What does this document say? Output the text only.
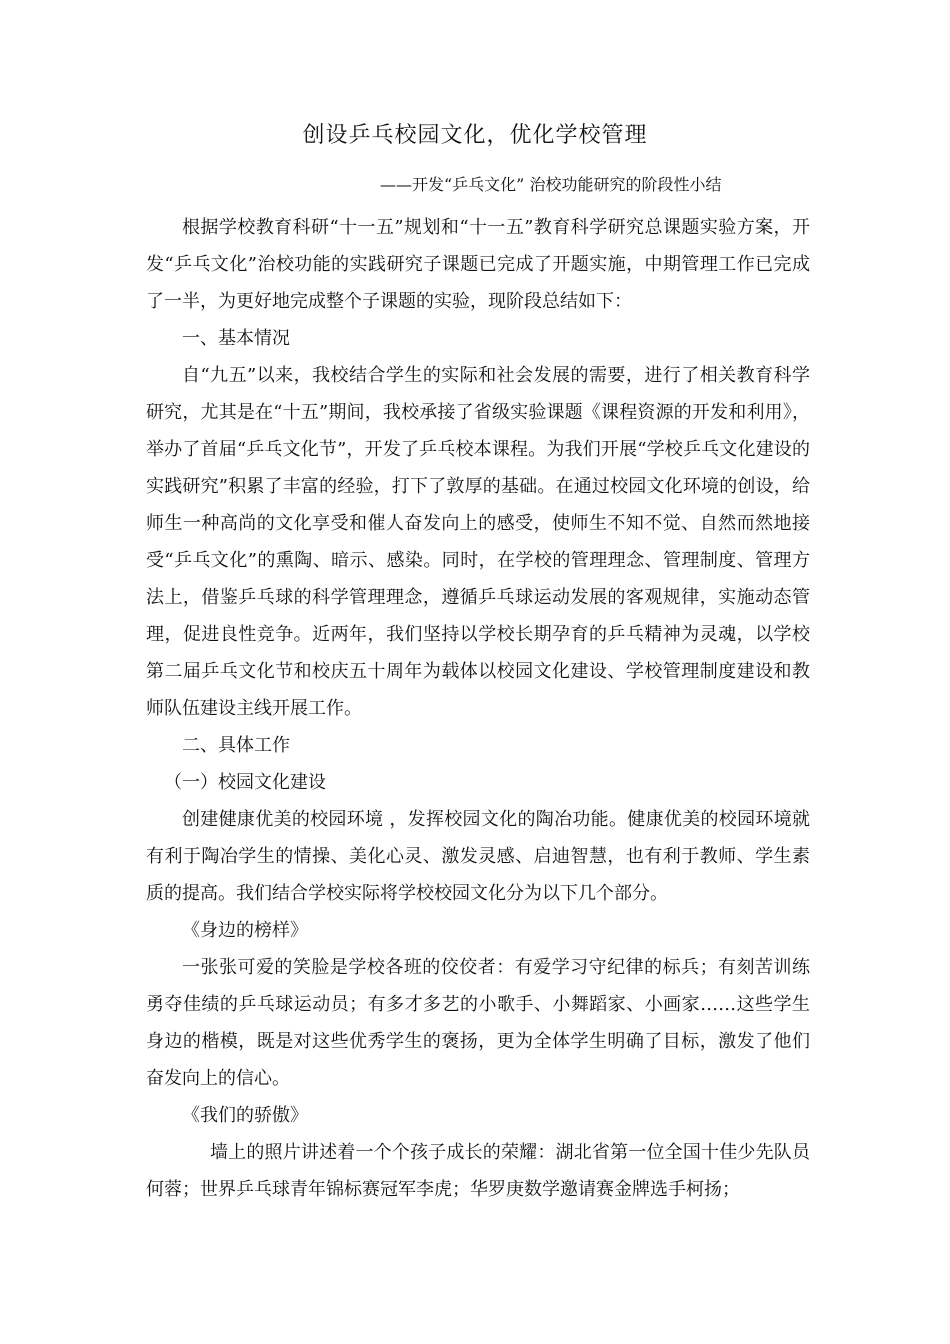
创设乒乓校园文化，优化学校管理
——开发“乒乓文化” 治校功能研究的阶段性小结

根据学校教育科研“十一五”规划和“十一五”教育科学研究总课题实验方案，开发“乒乓文化”治校功能的实践研究子课题已完成了开题实施，中期管理工作已完成了一半，为更好地完成整个子课题的实验，现阶段总结如下：

一、基本情况

自“九五”以来，我校结合学生的实际和社会发展的需要，进行了相关教育科学研究，尤其是在“十五”期间，我校承接了省级实验课题《课程资源的开发和利用》，举办了首届“乒乓文化节”，开发了乒乓校本课程。为我们开展“学校乒乓文化建设的实践研究”积累了丰富的经验，打下了敦厚的基础。在通过校园文化环境的创设，给师生一种高尚的文化享受和催人奋发向上的感受，使师生不知不觉、自然而然地接受“乒乓文化”的熏陶、暗示、感染。同时，在学校的管理理念、管理制度、管理方法上，借鉴乒乓球的科学管理理念，遵循乒乓球运动发展的客观规律，实施动态管理，促进良性竞争。近两年，我们坚持以学校长期孕育的乒乓精神为灵魂，以学校第二届乒乓文化节和校庆五十周年为载体以校园文化建设、学校管理制度建设和教师队伍建设主线开展工作。

二、具体工作

（一）校园文化建设

创建健康优美的校园环境 ，发挥校园文化的陶冶功能。健康优美的校园环境就有利于陶冶学生的情操、美化心灵、激发灵感、启迪智慧，也有利于教师、学生素质的提高。我们结合学校实际将学校校园文化分为以下几个部分。

《身边的榜样》

一张张可爱的笑脸是学校各班的佼佼者：有爱学习守纪律的标兵；有刻苦训练勇夺佳绩的乒乓球运动员；有多才多艺的小歌手、小舞蹈家、小画家……这些学生身边的楷模，既是对这些优秀学生的褒扬，更为全体学生明确了目标，激发了他们奋发向上的信心。

《我们的骄傲》

墙上的照片讲述着一个个孩子成长的荣耀：湖北省第一位全国十佳少先队员何蓉；世界乒乓球青年锦标赛冠军李虎；华罗庚数学邀请赛金牌选手柯扬；
